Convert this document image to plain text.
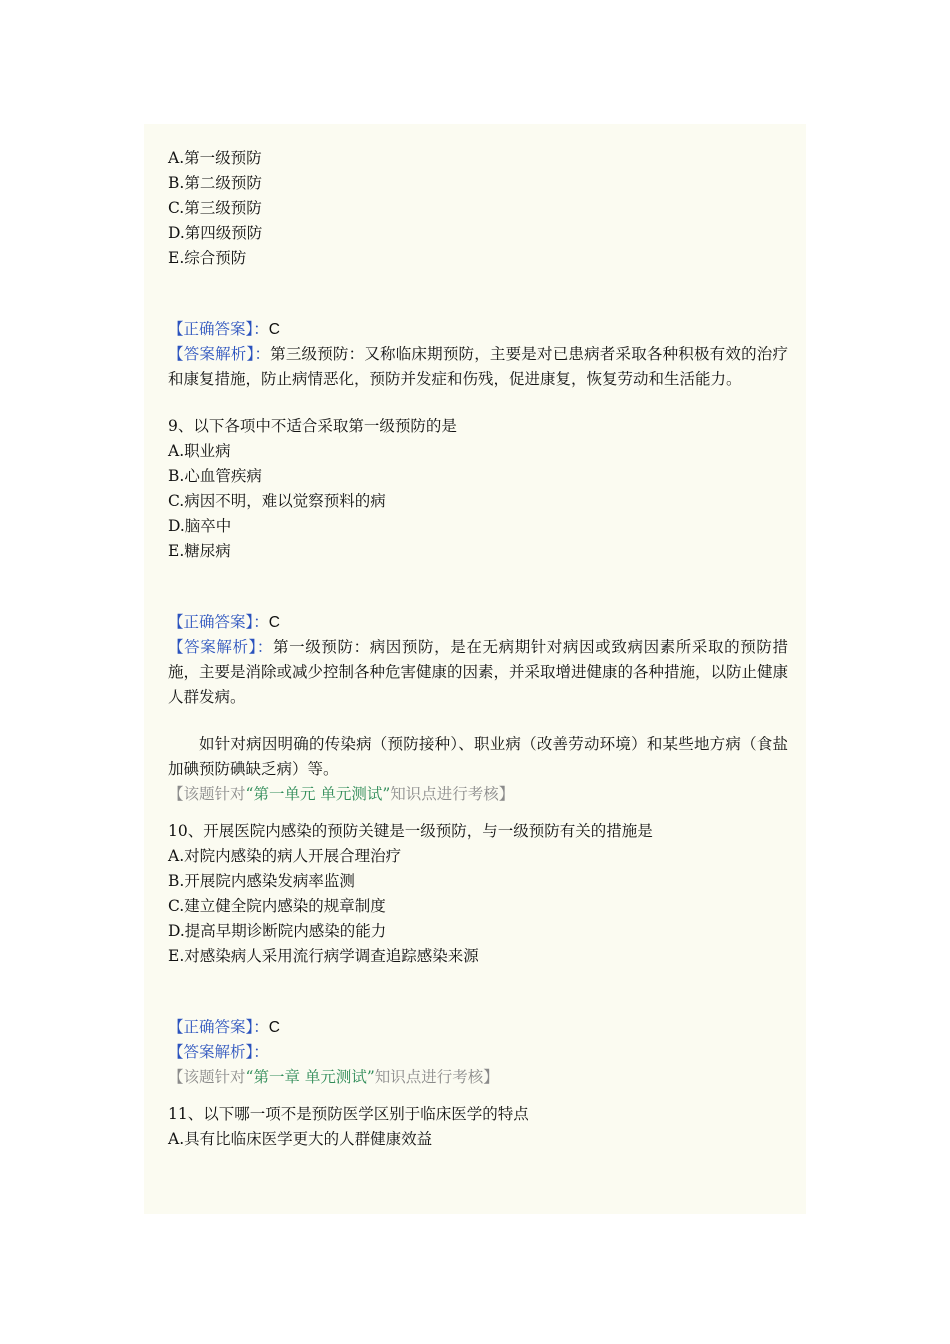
A.第一级预防
B.第二级预防
C.第三级预防
D.第四级预防
E.综合预防
【正确答案】：C
【答案解析】：第三级预防：又称临床期预防，主要是对已患病者采取各种积极有效的治疗和康复措施，防止病情恶化，预防并发症和伤残，促进康复，恢复劳动和生活能力。
9、以下各项中不适合采取第一级预防的是
A.职业病
B.心血管疾病
C.病因不明，难以觉察预料的病
D.脑卒中
E.糖尿病
【正确答案】：C
【答案解析】：第一级预防：病因预防，是在无病期针对病因或致病因素所采取的预防措施，主要是消除或减少控制各种危害健康的因素，并采取增进健康的各种措施，以防止健康人群发病。
如针对病因明确的传染病（预防接种）、职业病（改善劳动环境）和某些地方病（食盐加碘预防碘缺乏病）等。
【该题针对“第一单元 单元测试”知识点进行考核】
10、开展医院内感染的预防关键是一级预防，与一级预防有关的措施是
A.对院内感染的病人开展合理治疗
B.开展院内感染发病率监测
C.建立健全院内感染的规章制度
D.提高早期诊断院内感染的能力
E.对感染病人采用流行病学调查追踪感染来源
【正确答案】：C
【答案解析】：
【该题针对“第一章 单元测试”知识点进行考核】
11、以下哪一项不是预防医学区别于临床医学的特点
A.具有比临床医学更大的人群健康效益
